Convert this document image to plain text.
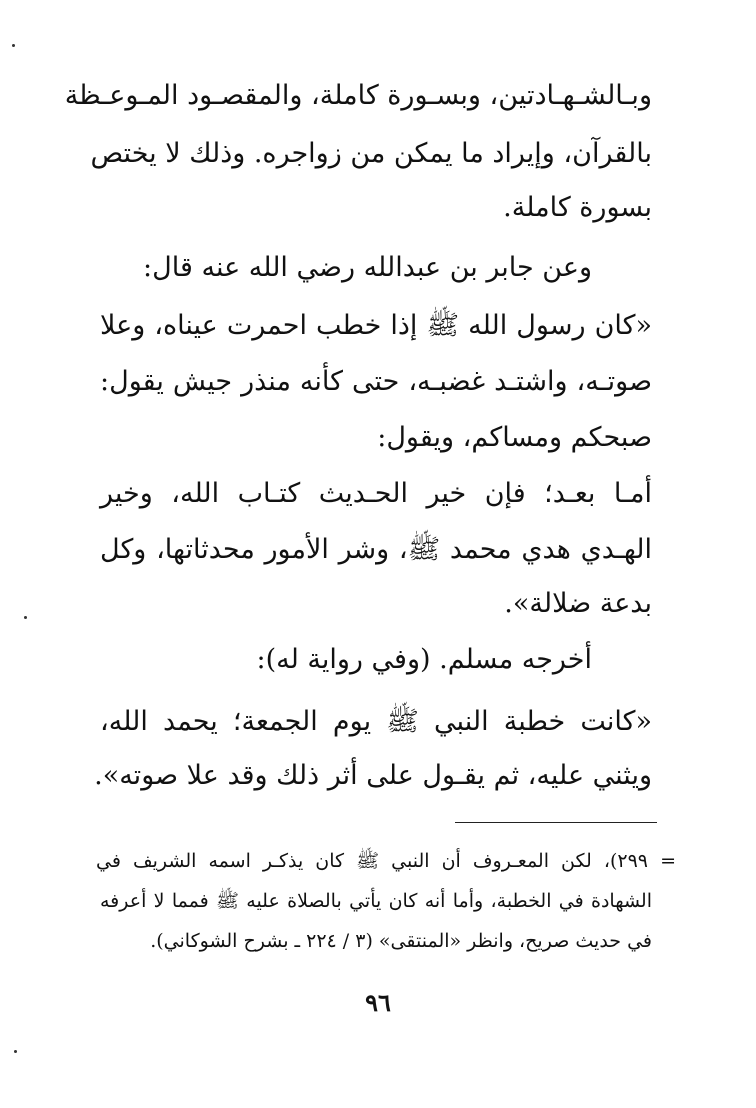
وبـالشـهـادتين، وبسـورة كاملة، والمقصـود المـوعـظة
بالقرآن، وإيراد ما يمكن من زواجره. وذلك لا يختص
بسورة كاملة.
وعن جابر بن عبدالله رضي الله عنه قال:
«كان رسول الله ﷺ إذا خطب احمرت عيناه، وعلا
صوتـه، واشتـد غضبـه، حتى كأنه منذر جيش يقول:
صبحكم ومساكم، ويقول:
أمـا بعـد؛ فإن خير الحـديث كتـاب الله، وخير
الهـدي هدي محمد ﷺ، وشر الأمور محدثاتها، وكل
بدعة ضلالة».
أخرجه مسلم. (وفي رواية له):
«كانت خطبة النبي ﷺ يوم الجمعة؛ يحمد الله،
ويثني عليه، ثم يقـول على أثر ذلك وقد علا صوته».
= ٢٩٩)، لكن المعـروف أن النبي ﷺ كان يذكـر اسمه الشريف في
الشهادة في الخطبة، وأما أنه كان يأتي بالصلاة عليه ﷺ فمما لا أعرفه
في حديث صريح، وانظر «المنتقى» (٣ / ٢٢٤ ـ بشرح الشوكاني).
٩٦
